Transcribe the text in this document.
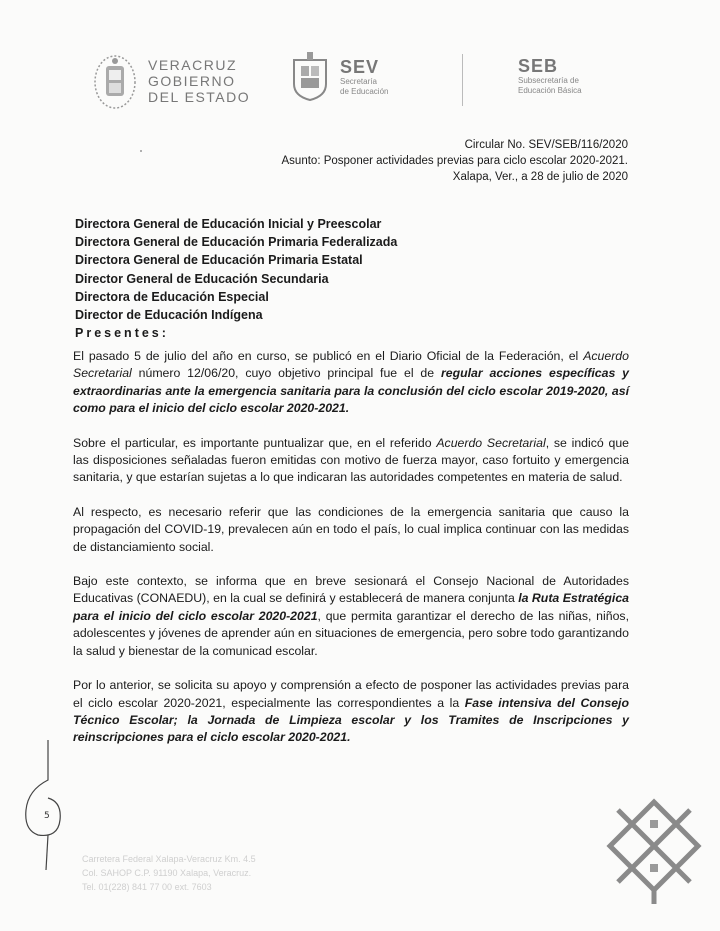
VERACRUZ
GOBIERNO
DEL ESTADO
SEV
Secretaría
de Educación
SEB
Subsecretaría de
Educación Básica
Circular No. SEV/SEB/116/2020
Asunto: Posponer actividades previas para ciclo escolar 2020-2021.
Xalapa, Ver., a 28 de julio de 2020
Directora General de Educación Inicial y Preescolar
Directora General de Educación Primaria Federalizada
Directora General de Educación Primaria Estatal
Director General de Educación Secundaria
Directora de Educación Especial
Director de Educación Indígena
Presentes:

El pasado 5 de julio del año en curso, se publicó en el Diario Oficial de la Federación, el Acuerdo Secretarial número 12/06/20, cuyo objetivo principal fue el de regular acciones específicas y extraordinarias ante la emergencia sanitaria para la conclusión del ciclo escolar 2019-2020, así como para el inicio del ciclo escolar 2020-2021.

Sobre el particular, es importante puntualizar que, en el referido Acuerdo Secretarial, se indicó que las disposiciones señaladas fueron emitidas con motivo de fuerza mayor, caso fortuito y emergencia sanitaria, y que estarían sujetas a lo que indicaran las autoridades competentes en materia de salud.

Al respecto, es necesario referir que las condiciones de la emergencia sanitaria que causo la propagación del COVID-19, prevalecen aún en todo el país, lo cual implica continuar con las medidas de distanciamiento social.

Bajo este contexto, se informa que en breve sesionará el Consejo Nacional de Autoridades Educativas (CONAEDU), en la cual se definirá y establecerá de manera conjunta la Ruta Estratégica para el inicio del ciclo escolar 2020-2021, que permita garantizar el derecho de las niñas, niños, adolescentes y jóvenes de aprender aún en situaciones de emergencia, pero sobre todo garantizando la salud y bienestar de la comunicad escolar.

Por lo anterior, se solicita su apoyo y comprensión a efecto de posponer las actividades previas para el ciclo escolar 2020-2021, especialmente las correspondientes a la Fase intensiva del Consejo Técnico Escolar; la Jornada de Limpieza escolar y los Tramites de Inscripciones y reinscripciones para el ciclo escolar 2020-2021.

5
Carretera Federal Xalapa-Veracruz Km. 4.5
Col. SAHOP C.P. 91190 Xalapa, Veracruz.
Tel. 01(228) 841 77 00 ext. 7603
